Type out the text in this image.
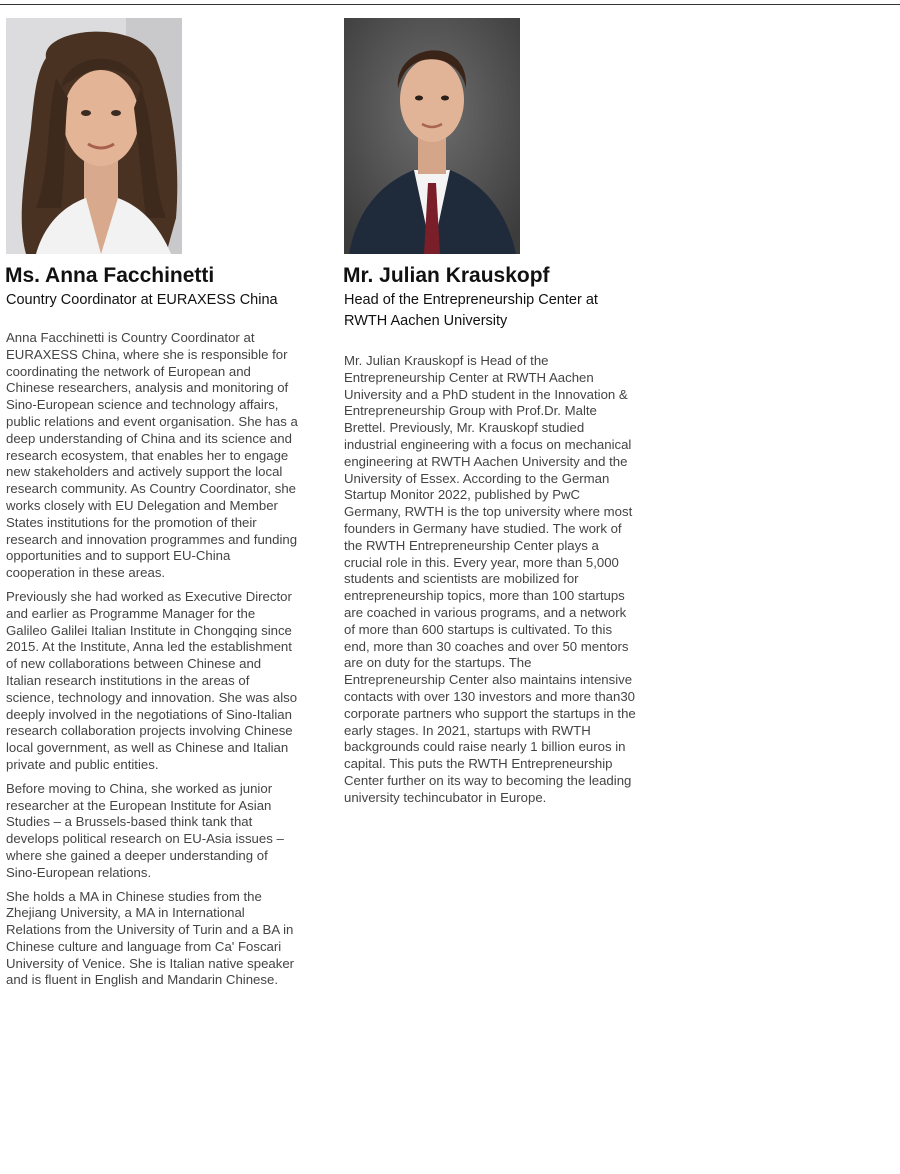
Ms. Anna Facchinetti
Country Coordinator at EURAXESS China

Anna Facchinetti is Country Coordinator at EURAXESS China, where she is responsible for coordinating the network of European and Chinese researchers, analysis and monitoring of Sino-European science and technology affairs, public relations and event organisation. She has a deep understanding of China and its science and research ecosystem, that enables her to engage new stakeholders and actively support the local research community. As Country Coordinator, she works closely with EU Delegation and Member States institutions for the promotion of their research and innovation programmes and funding opportunities and to support EU-China cooperation in these areas.

Previously she had worked as Executive Director and earlier as Programme Manager for the Galileo Galilei Italian Institute in Chongqing since 2015. At the Institute, Anna led the establishment of new collaborations between Chinese and Italian research institutions in the areas of science, technology and innovation. She was also deeply involved in the negotiations of Sino-Italian research collaboration projects involving Chinese local government, as well as Chinese and Italian private and public entities.

Before moving to China, she worked as junior researcher at the European Institute for Asian Studies – a Brussels-based think tank that develops political research on EU-Asia issues – where she gained a deeper understanding of Sino-European relations.

She holds a MA in Chinese studies from the Zhejiang University, a MA in International Relations from the University of Turin and a BA in Chinese culture and language from Ca' Foscari University of Venice. She is Italian native speaker and is fluent in English and Mandarin Chinese.

Mr. Julian Krauskopf
Head of the Entrepreneurship Center at RWTH Aachen University

Mr. Julian Krauskopf is Head of the Entrepreneurship Center at RWTH Aachen University and a PhD student in the Innovation & Entrepreneurship Group with Prof.Dr. Malte Brettel. Previously, Mr. Krauskopf studied industrial engineering with a focus on mechanical engineering at RWTH Aachen University and the University of Essex. According to the German Startup Monitor 2022, published by PwC Germany, RWTH is the top university where most founders in Germany have studied. The work of the RWTH Entrepreneurship Center plays a crucial role in this. Every year, more than 5,000 students and scientists are mobilized for entrepreneurship topics, more than 100 startups are coached in various programs, and a network of more than 600 startups is cultivated. To this end, more than 30 coaches and over 50 mentors are on duty for the startups. The Entrepreneurship Center also maintains intensive contacts with over 130 investors and more than30 corporate partners who support the startups in the early stages. In 2021, startups with RWTH backgrounds could raise nearly 1 billion euros in capital. This puts the RWTH Entrepreneurship Center further on its way to becoming the leading university techincubator in Europe.
